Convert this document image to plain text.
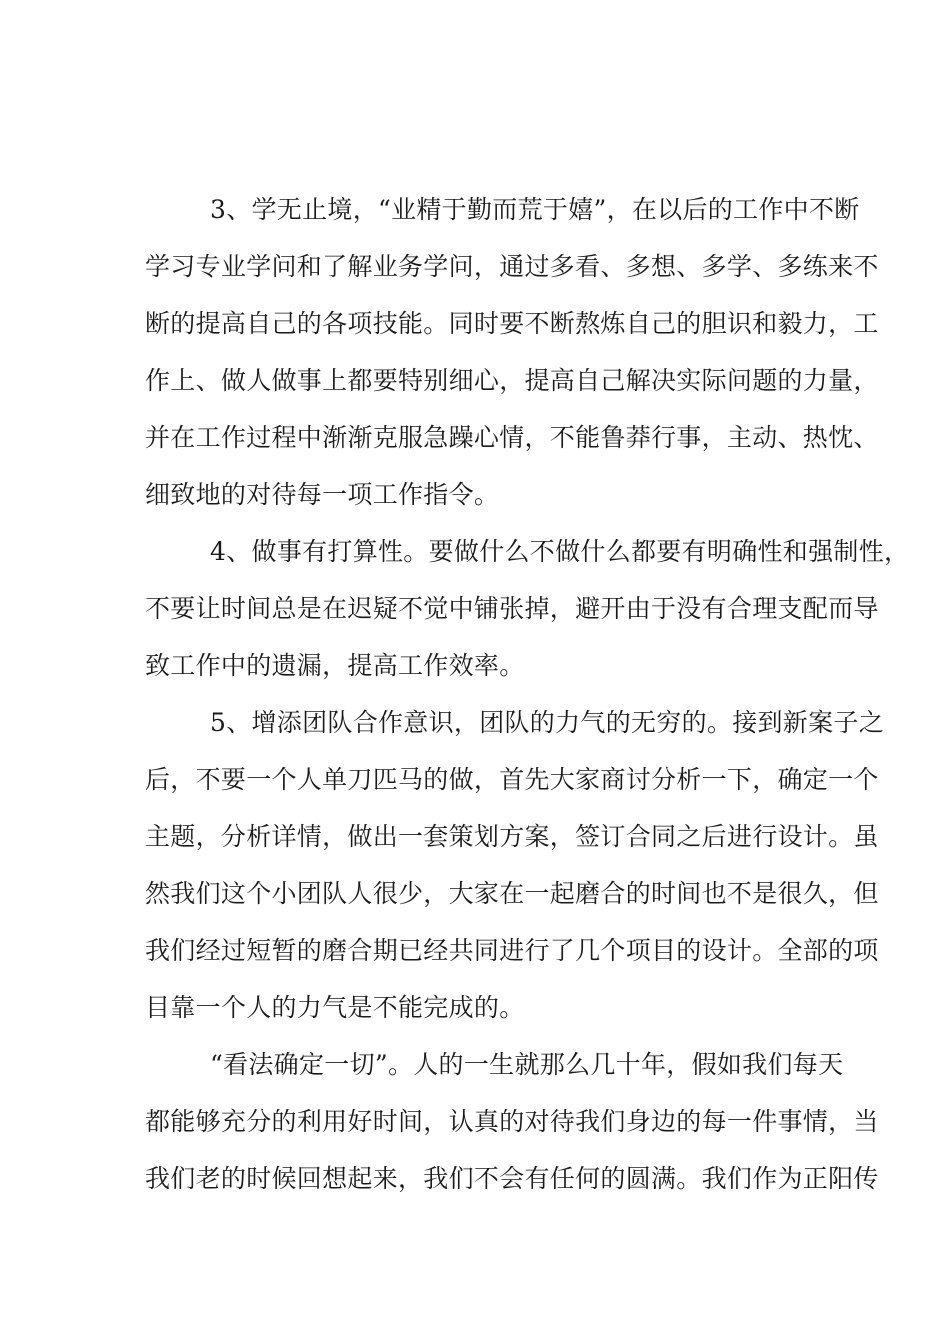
3、学无止境，“业精于勤而荒于嬉”，在以后的工作中不断
学习专业学问和了解业务学问，通过多看、多想、多学、多练来不
断的提高自己的各项技能。同时要不断熬炼自己的胆识和毅力，工
作上、做人做事上都要特别细心，提高自己解决实际问题的力量，
并在工作过程中渐渐克服急躁心情，不能鲁莽行事，主动、热忱、
细致地的对待每一项工作指令。
4、做事有打算性。要做什么不做什么都要有明确性和强制性，
不要让时间总是在迟疑不觉中铺张掉，避开由于没有合理支配而导
致工作中的遗漏，提高工作效率。
5、增添团队合作意识，团队的力气的无穷的。接到新案子之
后，不要一个人单刀匹马的做，首先大家商讨分析一下，确定一个
主题，分析详情，做出一套策划方案，签订合同之后进行设计。虽
然我们这个小团队人很少，大家在一起磨合的时间也不是很久，但
我们经过短暂的磨合期已经共同进行了几个项目的设计。全部的项
目靠一个人的力气是不能完成的。
“看法确定一切”。人的一生就那么几十年，假如我们每天
都能够充分的利用好时间，认真的对待我们身边的每一件事情，当
我们老的时候回想起来，我们不会有任何的圆满。我们作为正阳传
